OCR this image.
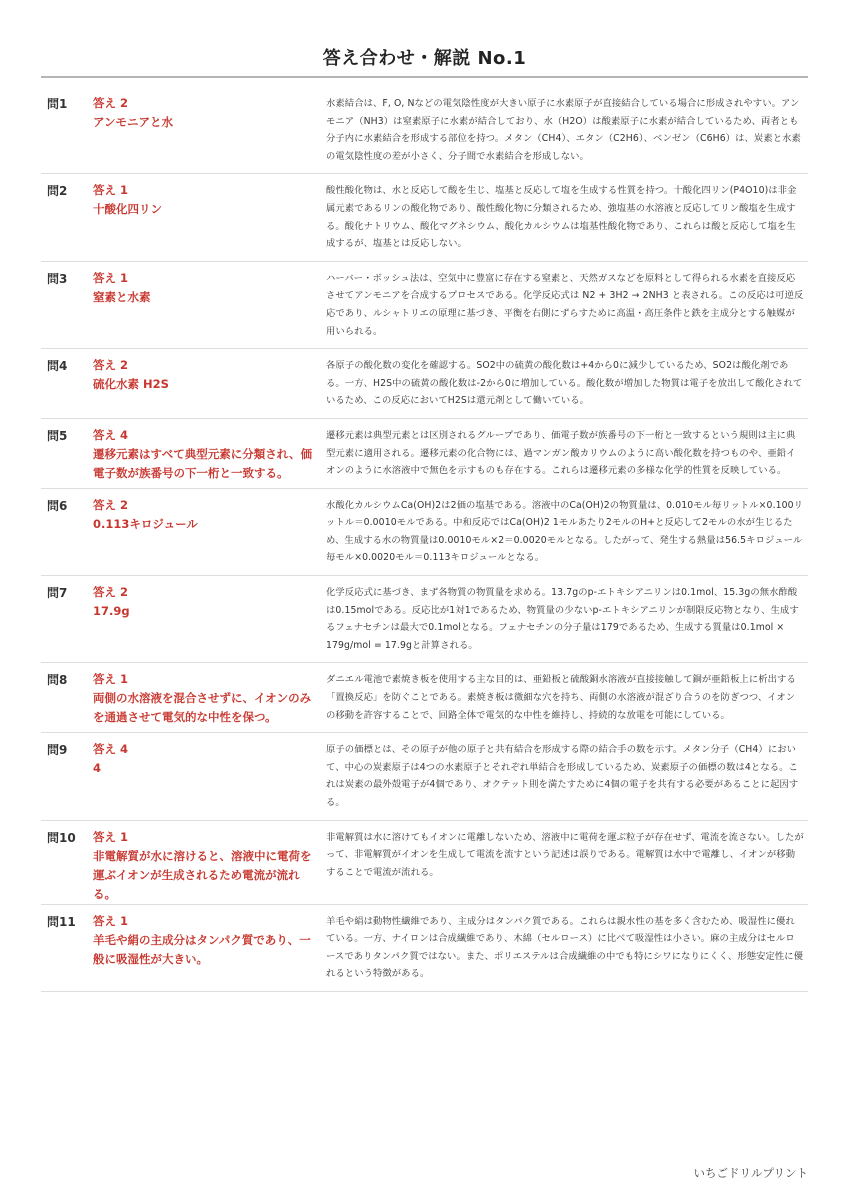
答え合わせ・解説 No.1
問1	答え 2
アンモニアと水
水素結合は、F, O, Nなどの電気陰性度が大きい原子に水素原子が直接結合している場合に形成されやすい。アンモニア（NH3）は窒素原子に水素が結合しており、水（H2O）は酸素原子に水素が結合しているため、両者とも分子内に水素結合を形成する部位を持つ。メタン（CH4）、エタン（C2H6）、ベンゼン（C6H6）は、炭素と水素の電気陰性度の差が小さく、分子間で水素結合を形成しない。
問2	答え 1
十酸化四リン
酸性酸化物は、水と反応して酸を生じ、塩基と反応して塩を生成する性質を持つ。十酸化四リン(P4O10)は非金属元素であるリンの酸化物であり、酸性酸化物に分類されるため、強塩基の水溶液と反応してリン酸塩を生成する。酸化ナトリウム、酸化マグネシウム、酸化カルシウムは塩基性酸化物であり、これらは酸と反応して塩を生成するが、塩基とは反応しない。
問3	答え 1
窒素と水素
ハーバー・ボッシュ法は、空気中に豊富に存在する窒素と、天然ガスなどを原料として得られる水素を直接反応させてアンモニアを合成するプロセスである。化学反応式は N2 + 3H2 → 2NH3 と表される。この反応は可逆反応であり、ルシャトリエの原理に基づき、平衡を右側にずらすために高温・高圧条件と鉄を主成分とする触媒が用いられる。
問4	答え 2
硫化水素 H2S
各原子の酸化数の変化を確認する。SO2中の硫黄の酸化数は+4から0に減少しているため、SO2は酸化剤である。一方、H2S中の硫黄の酸化数は-2から0に増加している。酸化数が増加した物質は電子を放出して酸化されているため、この反応においてH2Sは還元剤として働いている。
問5	答え 4
遷移元素はすべて典型元素に分類され、価電子数が族番号の下一桁と一致する。
遷移元素は典型元素とは区別されるグループであり、価電子数が族番号の下一桁と一致するという規則は主に典型元素に適用される。遷移元素の化合物には、過マンガン酸カリウムのように高い酸化数を持つものや、亜鉛イオンのように水溶液中で無色を示すものも存在する。これらは遷移元素の多様な化学的性質を反映している。
問6	答え 2
0.113キロジュール
水酸化カルシウムCa(OH)2は2価の塩基である。溶液中のCa(OH)2の物質量は、0.010モル毎リットル×0.100リットル＝0.0010モルである。中和反応ではCa(OH)2 1モルあたり2モルのH+と反応して2モルの水が生じるため、生成する水の物質量は0.0010モル×2＝0.0020モルとなる。したがって、発生する熱量は56.5キロジュール毎モル×0.0020モル＝0.113キロジュールとなる。
問7	答え 2
17.9g
化学反応式に基づき、まず各物質の物質量を求める。13.7gのp-エトキシアニリンは0.1mol、15.3gの無水酢酸は0.15molである。反応比が1対1であるため、物質量の少ないp-エトキシアニリンが制限反応物となり、生成するフェナセチンは最大で0.1molとなる。フェナセチンの分子量は179であるため、生成する質量は0.1mol × 179g/mol = 17.9gと計算される。
問8	答え 1
両側の水溶液を混合させずに、イオンのみを通過させて電気的な中性を保つ。
ダニエル電池で素焼き板を使用する主な目的は、亜鉛板と硫酸銅水溶液が直接接触して銅が亜鉛板上に析出する「置換反応」を防ぐことである。素焼き板は微細な穴を持ち、両側の水溶液が混ざり合うのを防ぎつつ、イオンの移動を許容することで、回路全体で電気的な中性を維持し、持続的な放電を可能にしている。
問9	答え 4
4
原子の価標とは、その原子が他の原子と共有結合を形成する際の結合手の数を示す。メタン分子（CH4）において、中心の炭素原子は4つの水素原子とそれぞれ単結合を形成しているため、炭素原子の価標の数は4となる。これは炭素の最外殻電子が4個であり、オクテット則を満たすために4個の電子を共有する必要があることに起因する。
問10	答え 1
非電解質が水に溶けると、溶液中に電荷を運ぶイオンが生成されるため電流が流れる。
非電解質は水に溶けてもイオンに電離しないため、溶液中に電荷を運ぶ粒子が存在せず、電流を流さない。したがって、非電解質がイオンを生成して電流を流すという記述は誤りである。電解質は水中で電離し、イオンが移動することで電流が流れる。
問11	答え 1
羊毛や絹の主成分はタンパク質であり、一般に吸湿性が大きい。
羊毛や絹は動物性繊維であり、主成分はタンパク質である。これらは親水性の基を多く含むため、吸湿性に優れている。一方、ナイロンは合成繊維であり、木綿（セルロース）に比べて吸湿性は小さい。麻の主成分はセルロースでありタンパク質ではない。また、ポリエステルは合成繊維の中でも特にシワになりにくく、形態安定性に優れるという特徴がある。
いちごドリルプリント
